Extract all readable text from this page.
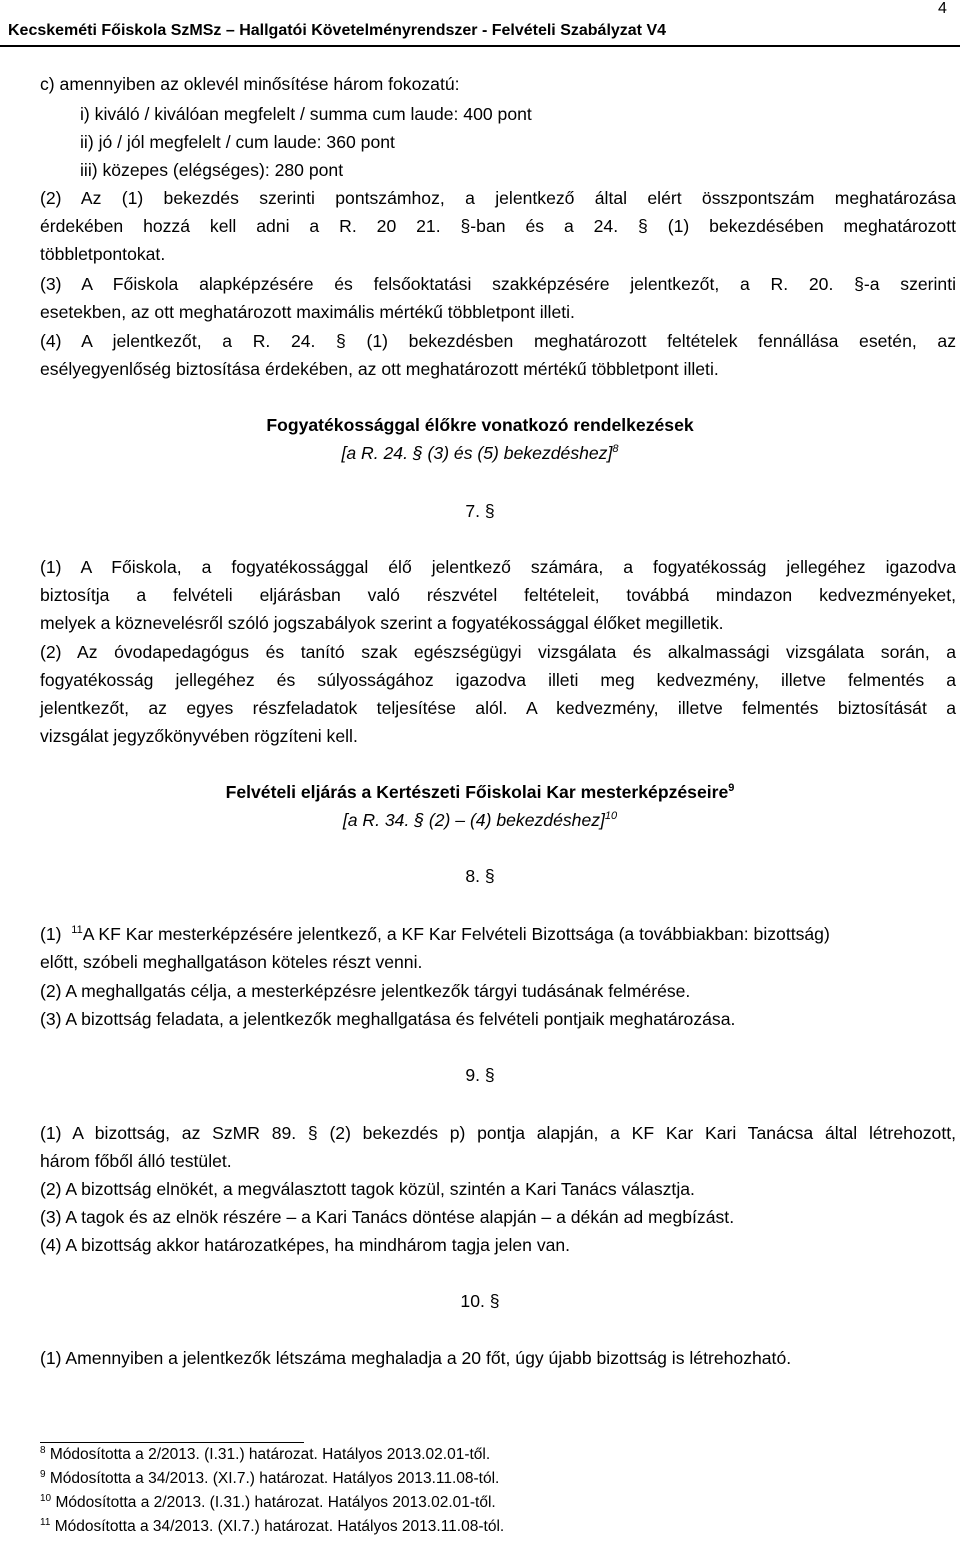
4
Kecskeméti Főiskola SzMSz – Hallgatói Követelményrendszer - Felvételi Szabályzat V4
c) amennyiben az oklevél minősítése három fokozatú:
i) kiváló / kiválóan megfelelt / summa cum laude: 400 pont
ii) jó / jól megfelelt / cum laude: 360 pont
iii) közepes (elégséges): 280 pont
(2) Az (1) bekezdés szerinti pontszámhoz, a jelentkező által elért összpontszám meghatározása
érdekében hozzá kell adni a R. 20 21. §-ban és a 24. § (1) bekezdésében meghatározott
többletpontokat.
(3) A Főiskola alapképzésére és felsőoktatási szakképzésére jelentkezőt, a R. 20. §-a szerinti
esetekben, az ott meghatározott maximális mértékű többletpont illeti.
(4) A jelentkezőt, a R. 24. § (1) bekezdésben meghatározott feltételek fennállása esetén, az
esélyegyenlőség biztosítása érdekében, az ott meghatározott mértékű többletpont illeti.
Fogyatékossággal élőkre vonatkozó rendelkezések
[a R. 24. § (3) és (5) bekezdéshez]$^8$
7. §
(1) A Főiskola, a fogyatékossággal élő jelentkező számára, a fogyatékosság jellegéhez igazodva
biztosítja a felvételi eljárásban való részvétel feltételeit, továbbá mindazon kedvezményeket,
melyek a köznevelésről szóló jogszabályok szerint a fogyatékossággal élőket megilletik.
(2) Az óvodapedagógus és tanító szak egészségügyi vizsgálata és alkalmassági vizsgálata során, a
fogyatékosság jellegéhez és súlyosságához igazodva illeti meg kedvezmény, illetve felmentés a
jelentkezőt, az egyes részfeladatok teljesítése alól. A kedvezmény, illetve felmentés biztosítását a
vizsgálat jegyzőkönyvében rögzíteni kell.
Felvételi eljárás a Kertészeti Főiskolai Kar mesterképzéseire$^9$
[a R. 34. § (2) – (4) bekezdéshez]$^{10}$
8. §
(1)  $^{11}$A KF Kar mesterképzésére jelentkező, a KF Kar Felvételi Bizottsága (a továbbiakban: bizottság)
előtt, szóbeli meghallgatáson köteles részt venni.
(2) A meghallgatás célja, a mesterképzésre jelentkezők tárgyi tudásának felmérése.
(3) A bizottság feladata, a jelentkezők meghallgatása és felvételi pontjaik meghatározása.
9. §
(1) A bizottság, az SzMR 89. § (2) bekezdés p) pontja alapján, a KF Kar Kari Tanácsa által létrehozott,
három főből álló testület.
(2) A bizottság elnökét, a megválasztott tagok közül, szintén a Kari Tanács választja.
(3) A tagok és az elnök részére – a Kari Tanács döntése alapján – a dékán ad megbízást.
(4) A bizottság akkor határozatképes, ha mindhárom tagja jelen van.
10. §
(1) Amennyiben a jelentkezők létszáma meghaladja a 20 főt, úgy újabb bizottság is létrehozható.
$^8$ Módosította a 2/2013. (I.31.) határozat. Hatályos 2013.02.01-től.
$^9$ Módosította a 34/2013. (XI.7.) határozat. Hatályos 2013.11.08-tól.
$^{10}$ Módosította a 2/2013. (I.31.) határozat. Hatályos 2013.02.01-től.
$^{11}$ Módosította a 34/2013. (XI.7.) határozat. Hatályos 2013.11.08-tól.
